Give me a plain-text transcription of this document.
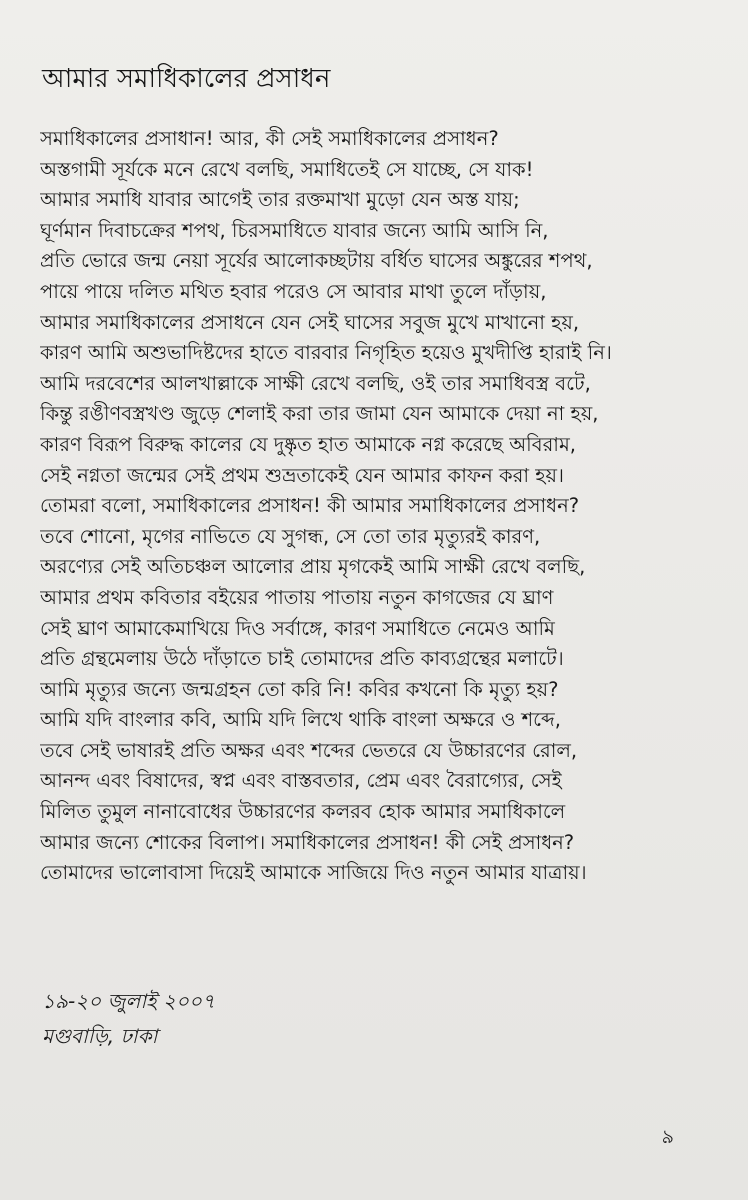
আমার সমাধিকালের প্রসাধন
সমাধিকালের প্রসাধান! আর, কী সেই সমাধিকালের প্রসাধন?
অস্তগামী সূর্যকে মনে রেখে বলছি, সমাধিতেই সে যাচ্ছে, সে যাক!
আমার সমাধি যাবার আগেই তার রক্তমাখা মুড়ো যেন অস্ত যায়;
ঘূর্ণমান দিবাচক্রের শপথ, চিরসমাধিতে যাবার জন্যে আমি আসি নি,
প্রতি ভোরে জন্ম নেয়া সূর্যের আলোকচ্ছটায় বর্ধিত ঘাসের অঙ্কুরের শপথ,
পায়ে পায়ে দলিত মথিত হবার পরেও সে আবার মাথা তুলে দাঁড়ায়,
আমার সমাধিকালের প্রসাধনে যেন সেই ঘাসের সবুজ মুখে মাখানো হয়,
কারণ আমি অশুভাদিষ্টদের হাতে বারবার নিগৃহিত হয়েও মুখদীপ্তি হারাই নি।
আমি দরবেশের আলখাল্লাকে সাক্ষী রেখে বলছি, ওই তার সমাধিবস্ত্র বটে,
কিন্তু রঙীণবস্ত্রখণ্ড জুড়ে শেলাই করা তার জামা যেন আমাকে দেয়া না হয়,
কারণ বিরূপ বিরুদ্ধ কালের যে দুষ্কৃত হাত আমাকে নগ্ন করেছে অবিরাম,
সেই নগ্নতা জন্মের সেই প্রথম শুভ্রতাকেই যেন আমার কাফন করা হয়।
তোমরা বলো, সমাধিকালের প্রসাধন! কী আমার সমাধিকালের প্রসাধন?
তবে শোনো, মৃগের নাভিতে যে সুগন্ধ, সে তো তার মৃত্যুরই কারণ,
অরণ্যের সেই অতিচঞ্চল আলোর প্রায় মৃগকেই আমি সাক্ষী রেখে বলছি,
আমার প্রথম কবিতার বইয়ের পাতায় পাতায় নতুন কাগজের যে ঘ্রাণ
সেই ঘ্রাণ আমাকেমাখিয়ে দিও সর্বাঙ্গে, কারণ সমাধিতে নেমেও আমি
প্রতি গ্রন্থমেলায় উঠে দাঁড়াতে চাই তোমাদের প্রতি কাব্যগ্রন্থের মলাটে।
আমি মৃত্যুর জন্যে জন্মগ্রহন তো করি নি! কবির কখনো কি মৃত্যু হয়?
আমি যদি বাংলার কবি, আমি যদি লিখে থাকি বাংলা অক্ষরে ও শব্দে,
তবে সেই ভাষারই প্রতি অক্ষর এবং শব্দের ভেতরে যে উচ্চারণের রোল,
আনন্দ এবং বিষাদের, স্বপ্ন এবং বাস্তবতার, প্রেম এবং বৈরাগ্যের, সেই
মিলিত তুমুল নানাবোধের উচ্চারণের কলরব হোক আমার সমাধিকালে
আমার জন্যে শোকের বিলাপ। সমাধিকালের প্রসাধন! কী সেই প্রসাধন?
তোমাদের ভালোবাসা দিয়েই আমাকে সাজিয়ে দিও নতুন আমার যাত্রায়।
১৯-২০ জুলাই ২০০৭
মগুবাড়ি, ঢাকা
৯
